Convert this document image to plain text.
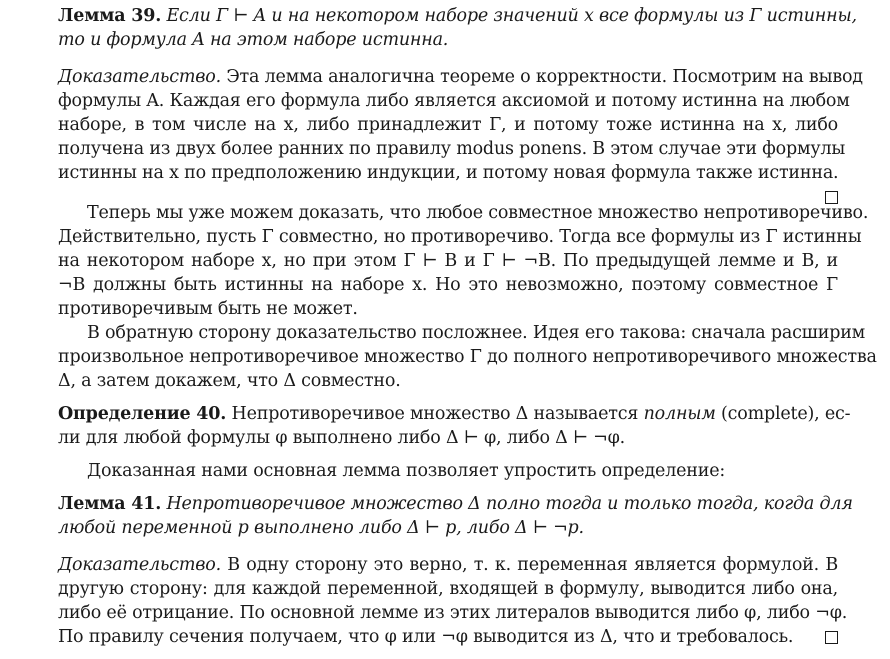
Лемма 39. Если Γ ⊢ A и на некотором наборе значений x все формулы из Γ истинны,
то и формула A на этом наборе истинна.
Доказательство. Эта лемма аналогична теореме о корректности. Посмотрим на вывод
формулы A. Каждая его формула либо является аксиомой и потому истинна на любом
наборе, в том числе на x, либо принадлежит Γ, и потому тоже истинна на x, либо
получена из двух более ранних по правилу modus ponens. В этом случае эти формулы
истинны на x по предположению индукции, и потому новая формула также истинна.
Теперь мы уже можем доказать, что любое совместное множество непротиворечиво.
Действительно, пусть Γ совместно, но противоречиво. Тогда все формулы из Γ истинны
на некотором наборе x, но при этом Γ ⊢ B и Γ ⊢ ¬B. По предыдущей лемме и B, и
¬B должны быть истинны на наборе x. Но это невозможно, поэтому совместное Γ
противоречивым быть не может.
В обратную сторону доказательство посложнее. Идея его такова: сначала расширим
произвольное непротиворечивое множество Γ до полного непротиворечивого множества
Δ, а затем докажем, что Δ совместно.
Определение 40. Непротиворечивое множество Δ называется полным (complete), ес-
ли для любой формулы φ выполнено либо Δ ⊢ φ, либо Δ ⊢ ¬φ.
Доказанная нами основная лемма позволяет упростить определение:
Лемма 41. Непротиворечивое множество Δ полно тогда и только тогда, когда для
любой переменной p выполнено либо Δ ⊢ p, либо Δ ⊢ ¬p.
Доказательство. В одну сторону это верно, т. к. переменная является формулой. В
другую сторону: для каждой переменной, входящей в формулу, выводится либо она,
либо её отрицание. По основной лемме из этих литералов выводится либо φ, либо ¬φ.
По правилу сечения получаем, что φ или ¬φ выводится из Δ, что и требовалось.
